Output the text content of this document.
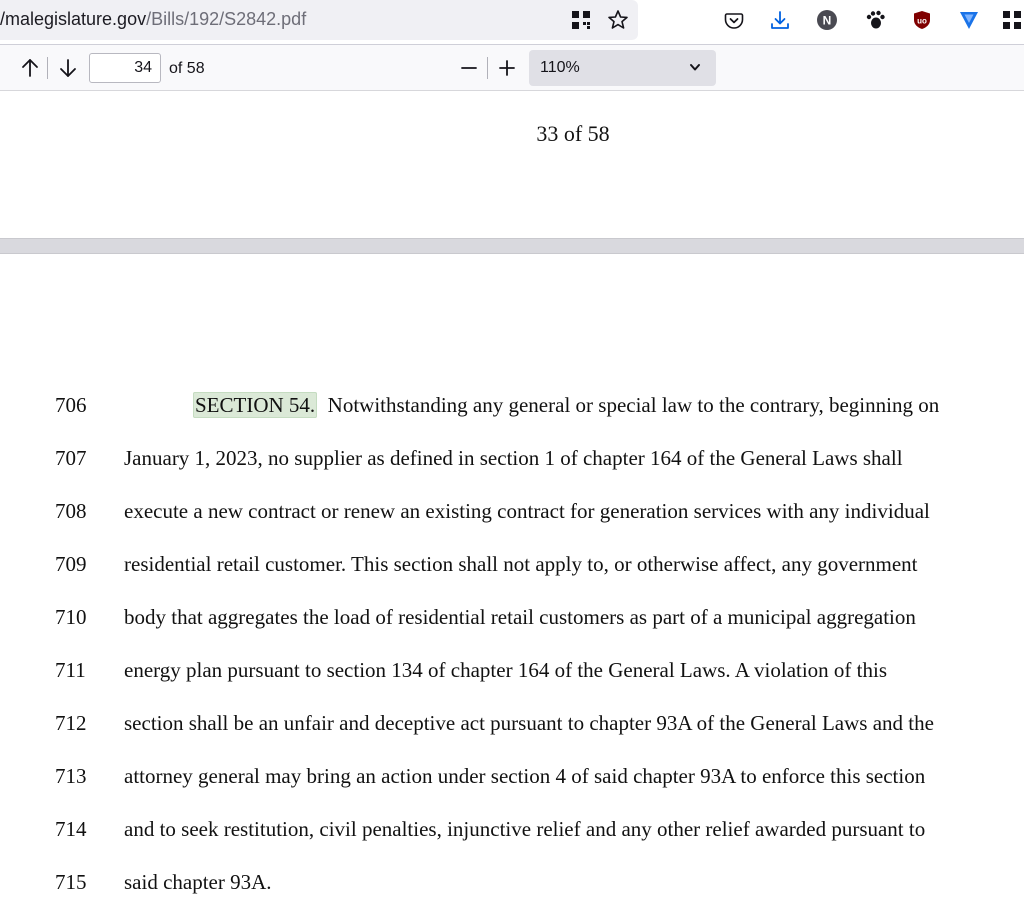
/malegislature.gov/Bills/192/S2842.pdf	N	uo
34
of 58	110%
33 of 58
706	SECTION 54. Notwithstanding any general or special law to the contrary, beginning on
707 January 1, 2023, no supplier as defined in section 1 of chapter 164 of the General Laws shall
708 execute a new contract or renew an existing contract for generation services with any individual
709 residential retail customer. This section shall not apply to, or otherwise affect, any government
710 body that aggregates the load of residential retail customers as part of a municipal aggregation
711 energy plan pursuant to section 134 of chapter 164 of the General Laws. A violation of this
712 section shall be an unfair and deceptive act pursuant to chapter 93A of the General Laws and the
713 attorney general may bring an action under section 4 of said chapter 93A to enforce this section
714 and to seek restitution, civil penalties, injunctive relief and any other relief awarded pursuant to
715 said chapter 93A.
